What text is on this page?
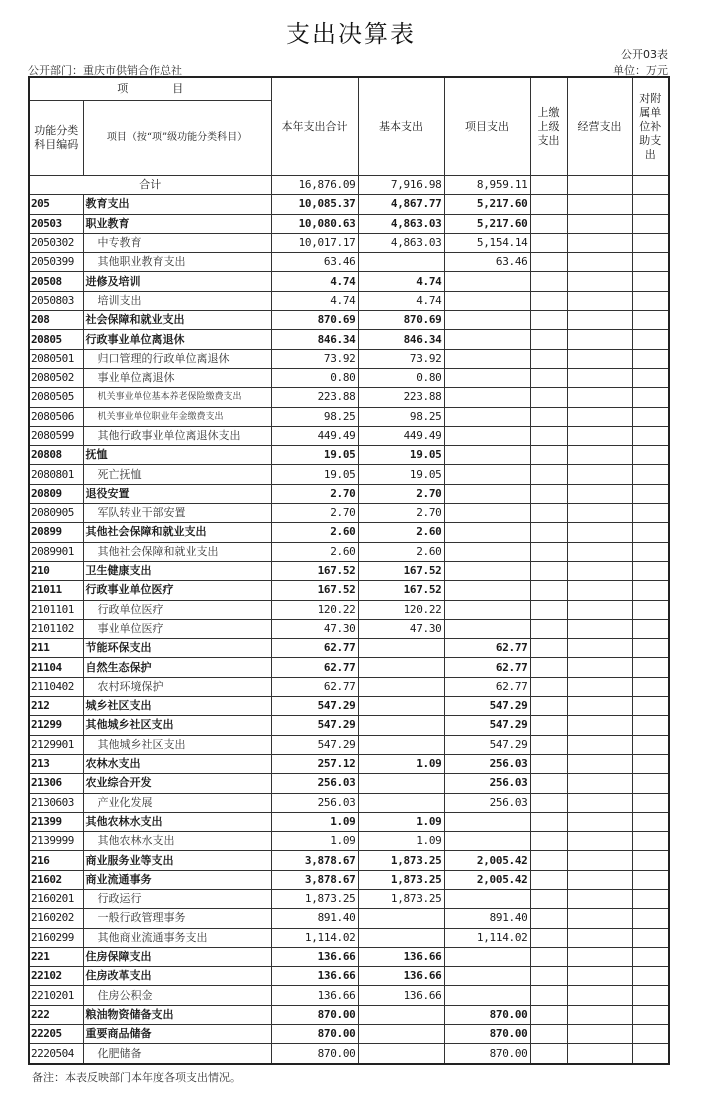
支出决算表
公开03表
公开部门：重庆市供销合作总社	单位：万元
项　　　　目		本年支出合计	基本支出	项目支出	上缴上级支出	经营支出	对附属单位补助支出
功能分类科目编码	项目（按“项”级功能分类科目）						
合计		16,876.09	7,916.98	8,959.11			
205	教育支出	10,085.37	4,867.77	5,217.60			
20503	职业教育	10,080.63	4,863.03	5,217.60			
2050302	中专教育	10,017.17	4,863.03	5,154.14			
2050399	其他职业教育支出	63.46		63.46			
20508	进修及培训	4.74	4.74				
2050803	培训支出	4.74	4.74				
208	社会保障和就业支出	870.69	870.69				
20805	行政事业单位离退休	846.34	846.34				
2080501	归口管理的行政单位离退休	73.92	73.92				
2080502	事业单位离退休	0.80	0.80				
2080505	机关事业单位基本养老保险缴费支出	223.88	223.88				
2080506	机关事业单位职业年金缴费支出	98.25	98.25				
2080599	其他行政事业单位离退休支出	449.49	449.49				
20808	抚恤	19.05	19.05				
2080801	死亡抚恤	19.05	19.05				
20809	退役安置	2.70	2.70				
2080905	军队转业干部安置	2.70	2.70				
20899	其他社会保障和就业支出	2.60	2.60				
2089901	其他社会保障和就业支出	2.60	2.60				
210	卫生健康支出	167.52	167.52				
21011	行政事业单位医疗	167.52	167.52				
2101101	行政单位医疗	120.22	120.22				
2101102	事业单位医疗	47.30	47.30				
211	节能环保支出	62.77		62.77			
21104	自然生态保护	62.77		62.77			
2110402	农村环境保护	62.77		62.77			
212	城乡社区支出	547.29		547.29			
21299	其他城乡社区支出	547.29		547.29			
2129901	其他城乡社区支出	547.29		547.29			
213	农林水支出	257.12	1.09	256.03			
21306	农业综合开发	256.03		256.03			
2130603	产业化发展	256.03		256.03			
21399	其他农林水支出	1.09	1.09				
2139999	其他农林水支出	1.09	1.09				
216	商业服务业等支出	3,878.67	1,873.25	2,005.42			
21602	商业流通事务	3,878.67	1,873.25	2,005.42			
2160201	行政运行	1,873.25	1,873.25				
2160202	一般行政管理事务	891.40		891.40			
2160299	其他商业流通事务支出	1,114.02		1,114.02			
221	住房保障支出	136.66	136.66				
22102	住房改革支出	136.66	136.66				
2210201	住房公积金	136.66	136.66				
222	粮油物资储备支出	870.00		870.00			
22205	重要商品储备	870.00		870.00			
2220504	化肥储备	870.00		870.00			
备注：本表反映部门本年度各项支出情况。
